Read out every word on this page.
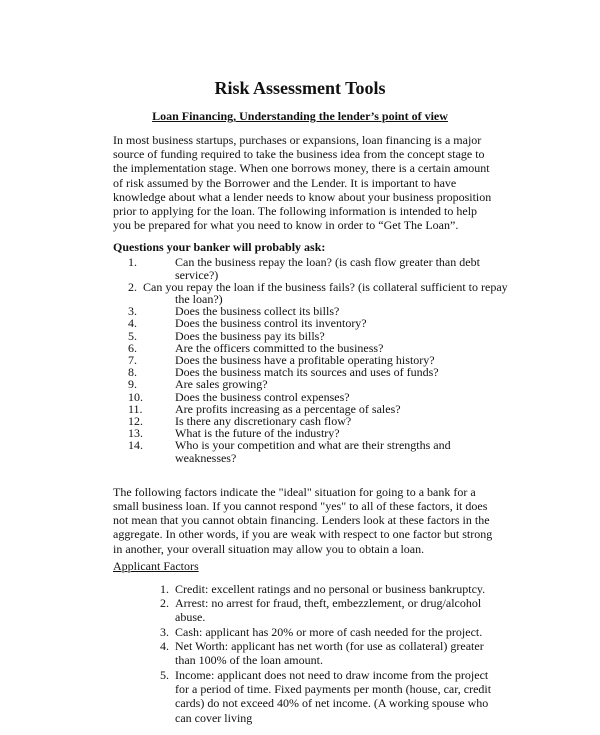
Risk Assessment Tools
Loan Financing, Understanding the lender’s point of view
In most business startups, purchases or expansions, loan financing is a major source of funding required to take the business idea from the concept stage to the implementation stage. When one borrows money, there is a certain amount of risk assumed by the Borrower and the Lender. It is important to have knowledge about what a lender needs to know about your business proposition prior to applying for the loan. The following information is intended to help you be prepared for what you need to know in order to “Get The Loan”.
Questions your banker will probably ask:
1.	Can the business repay the loan? (is cash flow greater than debt service?)
2. Can you repay the loan if the business fails? (is collateral sufficient to repay the loan?)
3.	Does the business collect its bills?
4.	Does the business control its inventory?
5.	Does the business pay its bills?
6.	Are the officers committed to the business?
7.	Does the business have a profitable operating history?
8.	Does the business match its sources and uses of funds?
9.	Are sales growing?
10.	Does the business control expenses?
11.	Are profits increasing as a percentage of sales?
12.	Is there any discretionary cash flow?
13.	What is the future of the industry?
14.	Who is your competition and what are their strengths and weaknesses?
The following factors indicate the "ideal" situation for going to a bank for a small business loan. If you cannot respond "yes" to all of these factors, it does not mean that you cannot obtain financing. Lenders look at these factors in the aggregate. In other words, if you are weak with respect to one factor but strong in another, your overall situation may allow you to obtain a loan.
Applicant Factors
1. Credit: excellent ratings and no personal or business bankruptcy.
2. Arrest: no arrest for fraud, theft, embezzlement, or drug/alcohol abuse.
3. Cash: applicant has 20% or more of cash needed for the project.
4. Net Worth: applicant has net worth (for use as collateral) greater than 100% of the loan amount.
5. Income: applicant does not need to draw income from the project for a period of time. Fixed payments per month (house, car, credit cards) do not exceed 40% of net income. (A working spouse who can cover living
